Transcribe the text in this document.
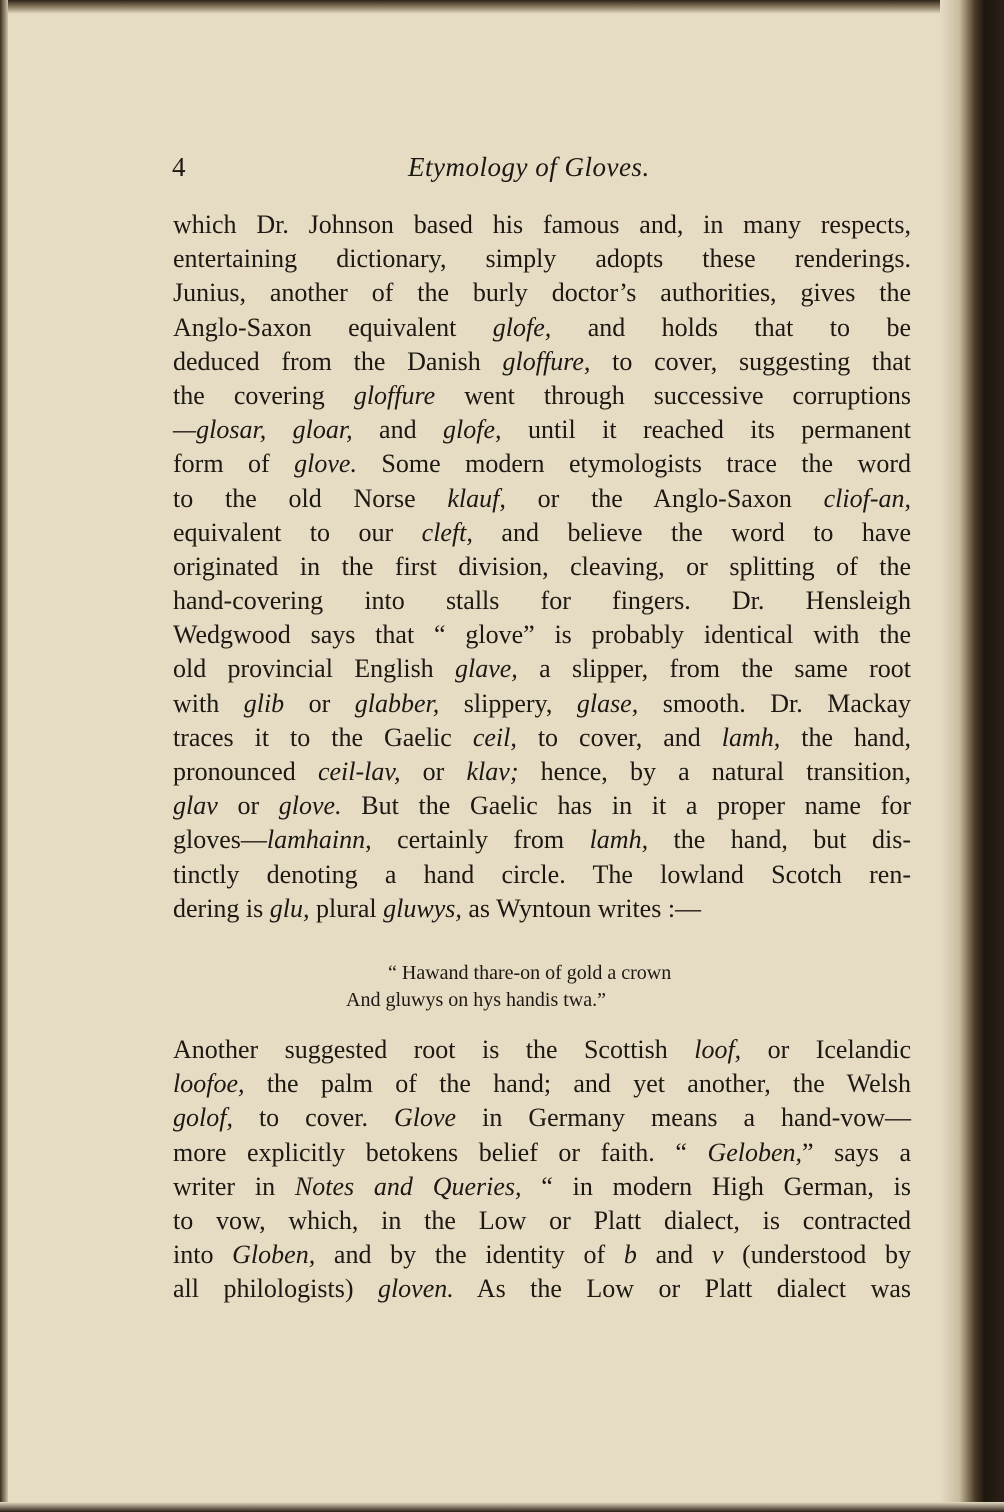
4	Etymology of Gloves.
which Dr. Johnson based his famous and, in many respects,
entertaining dictionary, simply adopts these renderings.
Junius, another of the burly doctor’s authorities, gives the
Anglo-Saxon equivalent glofe, and holds that to be
deduced from the Danish gloffure, to cover, suggesting that
the covering gloffure went through successive corruptions
—glosar, gloar, and glofe, until it reached its permanent
form of glove. Some modern etymologists trace the word
to the old Norse klauf, or the Anglo-Saxon cliof-an,
equivalent to our cleft, and believe the word to have
originated in the first division, cleaving, or splitting of the
hand-covering into stalls for fingers. Dr. Hensleigh
Wedgwood says that “ glove” is probably identical with the
old provincial English glave, a slipper, from the same root
with glib or glabber, slippery, glase, smooth. Dr. Mackay
traces it to the Gaelic ceil, to cover, and lamh, the hand,
pronounced ceil-lav, or klav; hence, by a natural transition,
glav or glove. But the Gaelic has in it a proper name for
gloves—lamhainn, certainly from lamh, the hand, but dis-
tinctly denoting a hand circle. The lowland Scotch ren-
dering is glu, plural gluwys, as Wyntoun writes :—
“ Hawand thare-on of gold a crown
And gluwys on hys handis twa.”
Another suggested root is the Scottish loof, or Icelandic
loofoe, the palm of the hand; and yet another, the Welsh
golof, to cover. Glove in Germany means a hand-vow—
more explicitly betokens belief or faith. “ Geloben,” says a
writer in Notes and Queries, “ in modern High German, is
to vow, which, in the Low or Platt dialect, is contracted
into Globen, and by the identity of b and v (understood by
all philologists) gloven. As the Low or Platt dialect was
